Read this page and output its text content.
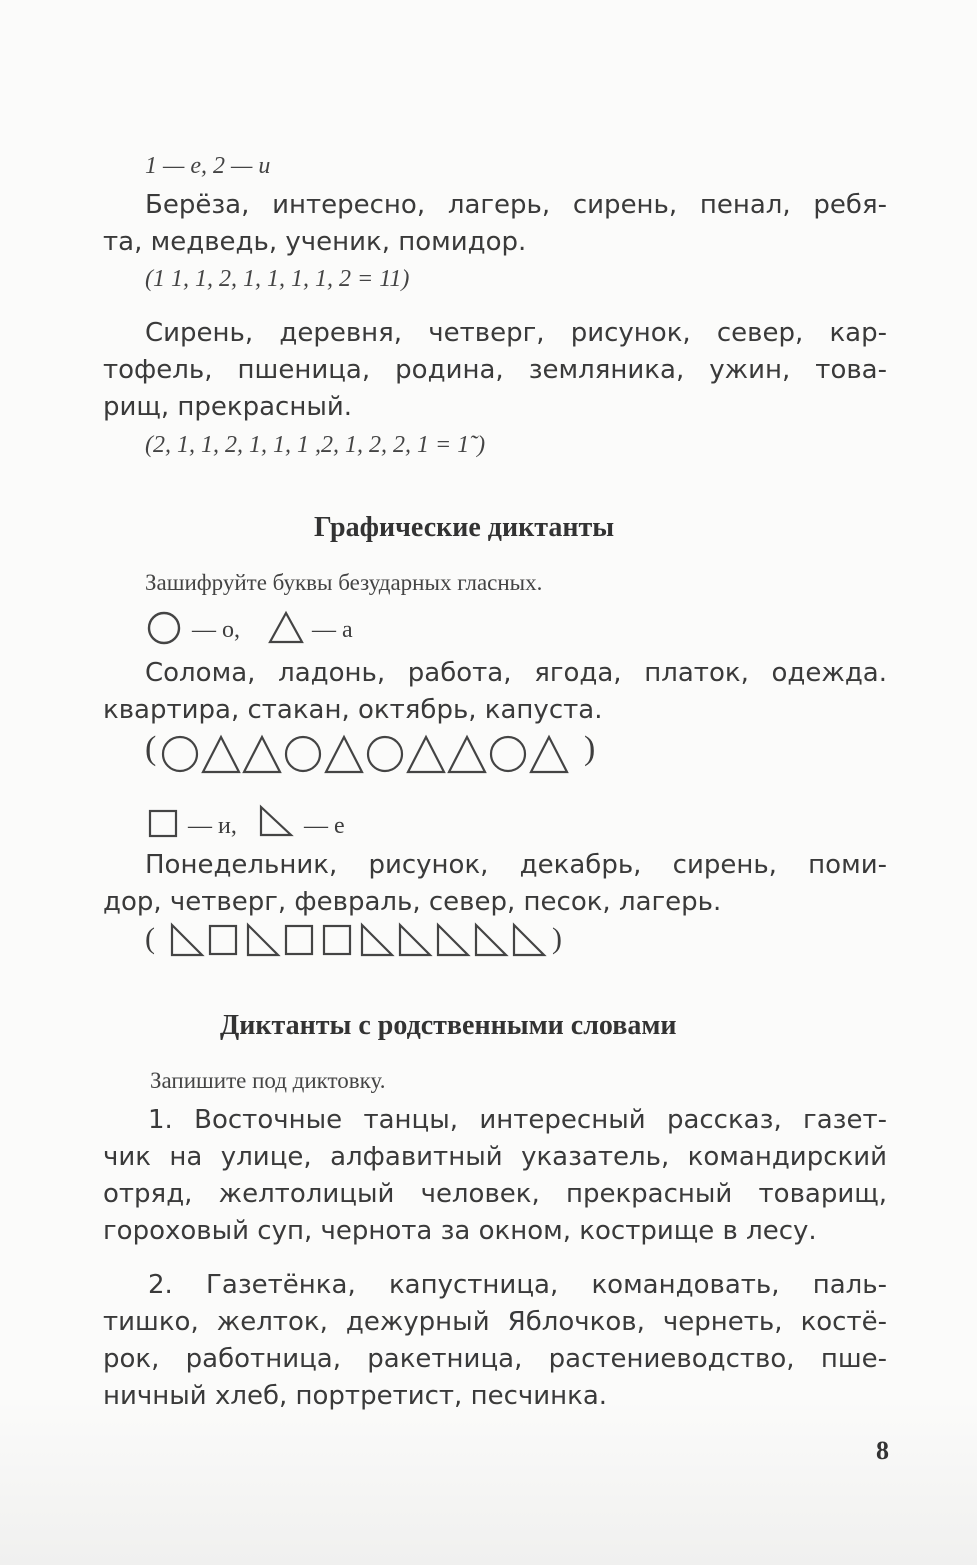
1 — е, 2 — и
Берёза, интересно, лагерь, сирень, пенал, ребя-
та, медведь, ученик, помидор.
(1 1, 1, 2, 1, 1, 1, 1, 2 = 11)
Сирень, деревня, четверг, рисунок, север, кар-
тофель, пшеница, родина, земляника, ужин, това-
рищ, прекрасный.
(2, 1, 1, 2, 1, 1, 1 ,2, 1, 2, 2, 1 = 1˜)
Графические диктанты
Зашифруйте буквы безударных гласных.
— о,	— а
Солома, ладонь, работа, ягода, платок, одежда.
квартира, стакан, октябрь, капуста.
(	)
— и,	— е
Понедельник, рисунок, декабрь, сирень, поми-
дор, четверг, февраль, север, песок, лагерь.
(	)
Диктанты с родственными словами
Запишите под диктовку.
1. Восточные танцы, интересный рассказ, газет-
чик на улице, алфавитный указатель, командирский
отряд, желтолицый человек, прекрасный товарищ,
гороховый суп, чернота за окном, кострище в лесу.
2. Газетёнка, капустница, командовать, паль-
тишко, желток, дежурный Яблочков, чернеть, костё-
рок, работница, ракетница, растениеводство, пше-
ничный хлеб, портретист, песчинка.
8
